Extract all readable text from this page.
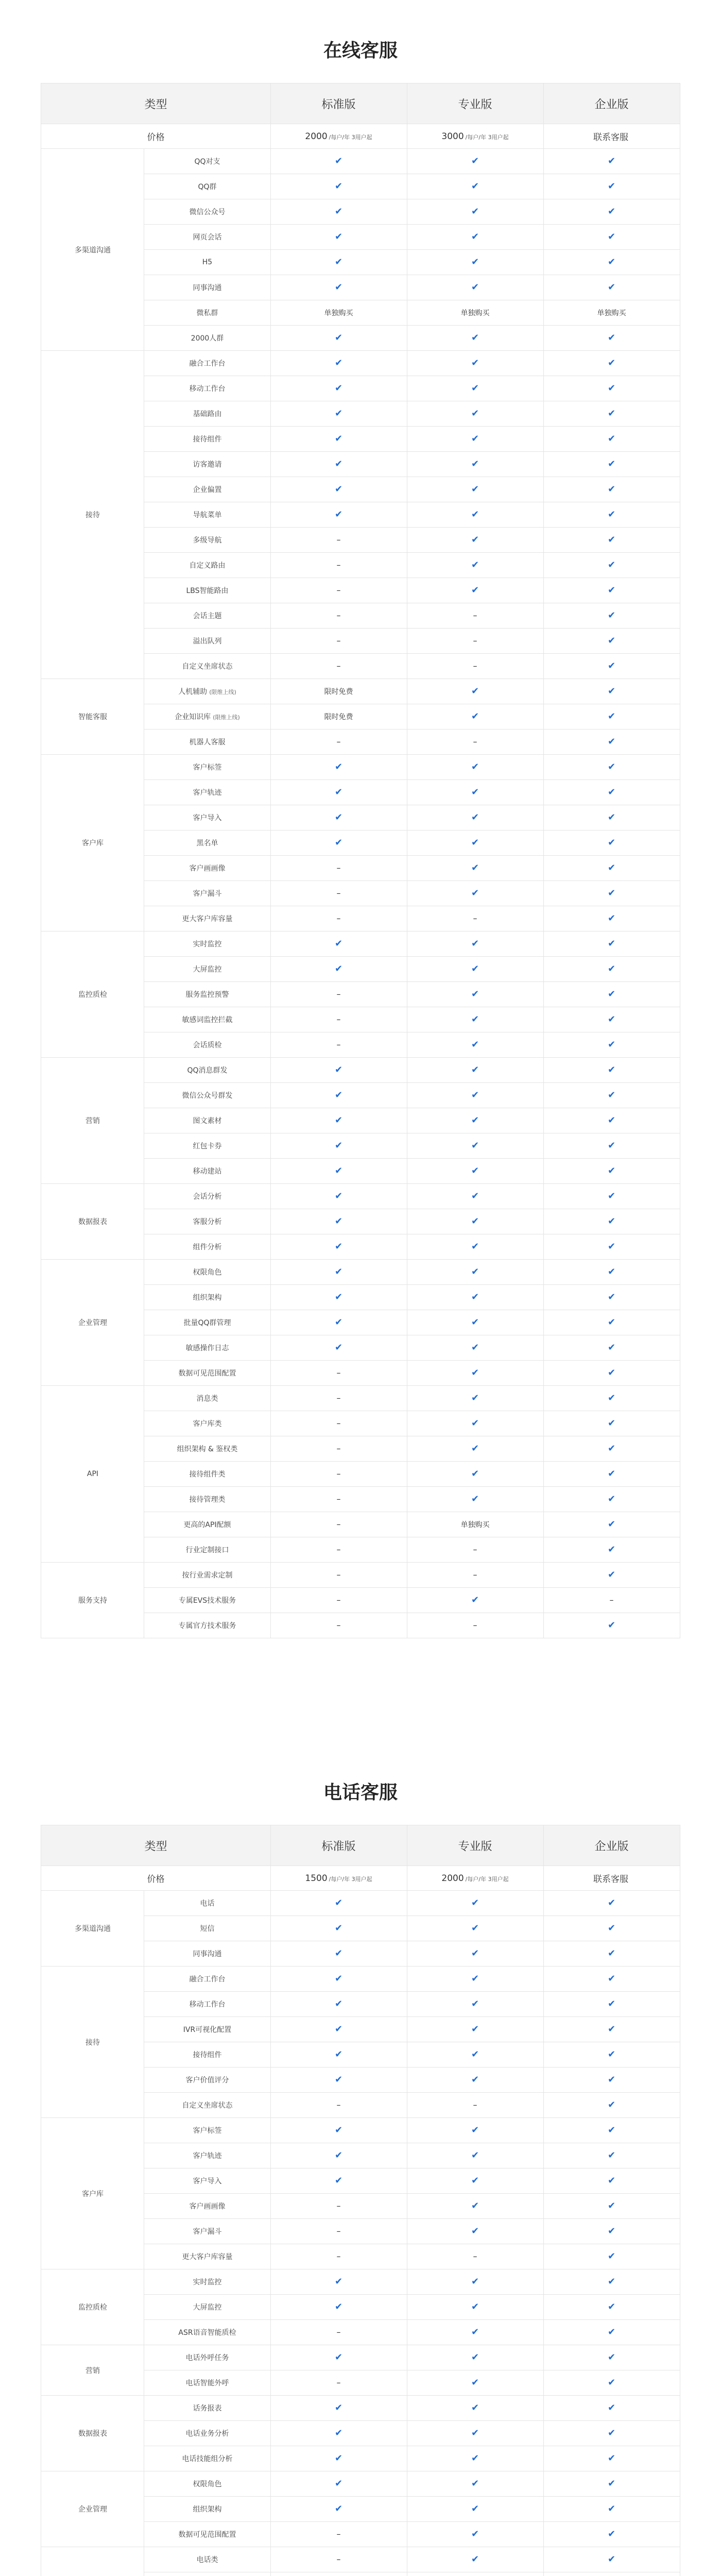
在线客服
类型		标准版	专业版	企业版
价格		2000 /每户/年 3用户起	3000 /每户/年 3用户起	联系客服
多渠道沟通	QQ对支	✔	✔	✔
	QQ群	✔	✔	✔
	微信公众号	✔	✔	✔
	网页会话	✔	✔	✔
	H5	✔	✔	✔
	同事沟通	✔	✔	✔
	微私群	单独购买	单独购买	单独购买
	2000人群	✔	✔	✔
接待	融合工作台	✔	✔	✔
	移动工作台	✔	✔	✔
	基础路由	✔	✔	✔
	接待组件	✔	✔	✔
	访客邀请	✔	✔	✔
	企业偏置	✔	✔	✔
	导航菜单	✔	✔	✔
	多级导航	–	✔	✔
	自定义路由	–	✔	✔
	LBS智能路由	–	✔	✔
	会话主题	–	–	✔
	溢出队列	–	–	✔
	自定义坐席状态	–	–	✔
智能客服	人机辅助 (限维上线)	限时免费	✔	✔
	企业知识库 (限维上线)	限时免费	✔	✔
	机器人客服	–	–	✔
客户库	客户标签	✔	✔	✔
	客户轨迹	✔	✔	✔
	客户导入	✔	✔	✔
	黑名单	✔	✔	✔
	客户画画像	–	✔	✔
	客户漏斗	–	✔	✔
	更大客户库容量	–	–	✔
监控质检	实时监控	✔	✔	✔
	大屏监控	✔	✔	✔
	服务监控预警	–	✔	✔
	敏感词监控拦截	–	✔	✔
	会话质检	–	✔	✔
营销	QQ消息群发	✔	✔	✔
	微信公众号群发	✔	✔	✔
	图文素材	✔	✔	✔
	红包卡券	✔	✔	✔
	移动建站	✔	✔	✔
数据报表	会话分析	✔	✔	✔
	客服分析	✔	✔	✔
	组件分析	✔	✔	✔
企业管理	权限角色	✔	✔	✔
	组织架构	✔	✔	✔
	批量QQ群管理	✔	✔	✔
	敏感操作日志	✔	✔	✔
	数据可见范围配置	–	✔	✔
API	消息类	–	✔	✔
	客户库类	–	✔	✔
	组织架构 & 鉴权类	–	✔	✔
	接待组件类	–	✔	✔
	接待管理类	–	✔	✔
	更高的API配额	–	单独购买	✔
	行业定制接口	–	–	✔
服务支持	按行业需求定制	–	–	✔
	专属EVS技术服务	–	✔	–
	专属官方技术服务	–	–	✔
电话客服
类型		标准版	专业版	企业版
价格		1500 /每户/年 3用户起	2000 /每户/年 3用户起	联系客服
多渠道沟通	电话	✔	✔	✔
	短信	✔	✔	✔
	同事沟通	✔	✔	✔
接待	融合工作台	✔	✔	✔
	移动工作台	✔	✔	✔
	IVR可视化配置	✔	✔	✔
	接待组件	✔	✔	✔
	客户价值评分	✔	✔	✔
	自定义坐席状态	–	–	✔
客户库	客户标签	✔	✔	✔
	客户轨迹	✔	✔	✔
	客户导入	✔	✔	✔
	客户画画像	–	✔	✔
	客户漏斗	–	✔	✔
	更大客户库容量	–	–	✔
监控质检	实时监控	✔	✔	✔
	大屏监控	✔	✔	✔
	ASR语音智能质检	–	✔	✔
营销	电话外呼任务	✔	✔	✔
	电话智能外呼	–	✔	✔
数据报表	话务报表	✔	✔	✔
	电话业务分析	✔	✔	✔
	电话技能组分析	✔	✔	✔
企业管理	权限角色	✔	✔	✔
	组织架构	✔	✔	✔
	数据可见范围配置	–	✔	✔
	电话类	–	✔	✔
